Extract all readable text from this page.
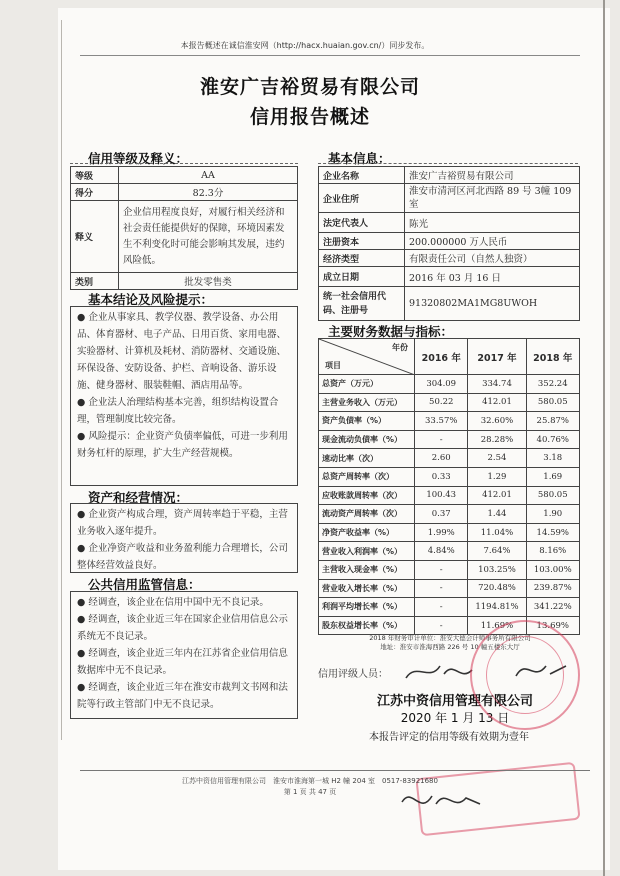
本报告概述在诚信淮安网（http://hacx.huaian.gov.cn/）同步发布。
淮安广吉裕贸易有限公司
信用报告概述
信用等级及释义：
等级	AA
得分	82.3分
释义	企业信用程度良好，对履行相关经济和社会责任能提供好的保障，环境因素发生不利变化时可能会影响其发展，违约风险低。
类别	批发零售类
基本结论及风险提示：

● 企业从事家具、教学仪器、教学设备、办公用品、体育器材、电子产品、日用百货、家用电器、实验器材、计算机及耗材、消防器材、交通设施、环保设备、安防设备、护栏、音响设备、游乐设施、健身器材、服装鞋帽、酒店用品等。

● 企业法人治理结构基本完善，组织结构设置合理，管理制度比较完备。

● 风险提示：企业资产负债率偏低，可进一步利用财务杠杆的原理，扩大生产经营规模。

资产和经营情况：

● 企业资产构成合理，资产周转率趋于平稳，主营业务收入逐年提升。

● 企业净资产收益和业务盈利能力合理增长，公司整体经营效益良好。

公共信用监管信息：

● 经调查，该企业在信用中国中无不良记录。

● 经调查，该企业近三年在国家企业信用信息公示系统无不良记录。

● 经调查，该企业近三年内在江苏省企业信用信息数据库中无不良记录。

● 经调查，该企业近三年在淮安市裁判文书网和法院等行政主管部门中无不良记录。

基本信息：
企业名称	淮安广吉裕贸易有限公司
企业住所	淮安市清河区河北西路 89 号 3幢 109 室
法定代表人	陈光
注册资本	200.000000 万人民币
经济类型	有限责任公司（自然人独资）
成立日期	2016 年 03 月 16 日
统一社会信用代码、注册号	91320802MA1MG8UWOH
主要财务数据与指标：
年份
项目	2016 年	2017 年	2018 年
总资产（万元）	304.09	334.74	352.24
主营业务收入（万元）	50.22	412.01	580.05
资产负债率（%）	33.57%	32.60%	25.87%
现金流动负债率（%）	-	28.28%	40.76%
速动比率（次）	2.60	2.54	3.18
总资产周转率（次）	0.33	1.29	1.69
应收账款周转率（次）	100.43	412.01	580.05
流动资产周转率（次）	0.37	1.44	1.90
净资产收益率（%）	1.99%	11.04%	14.59%
营业收入利润率（%）	4.84%	7.64%	8.16%
主营收入现金率（%）	-	103.25%	103.00%
营业收入增长率（%）	-	720.48%	239.87%
利润平均增长率（%）	-	1194.81%	341.22%
股东权益增长率（%）	-	11.69%	13.69%
2018 年财务审计单位：淮安大德会计师事务所有限公司
地址：淮安市淮海西路 226 号 10 幢五楼东大厅
信用评级人员：
江苏中资信用管理有限公司
2020 年 1 月 13 日
本报告评定的信用等级有效期为壹年
江苏中资信用管理有限公司　淮安市淮海第一城 H2 幢 204 室　0517-83921680
第 1 页 共 47 页
